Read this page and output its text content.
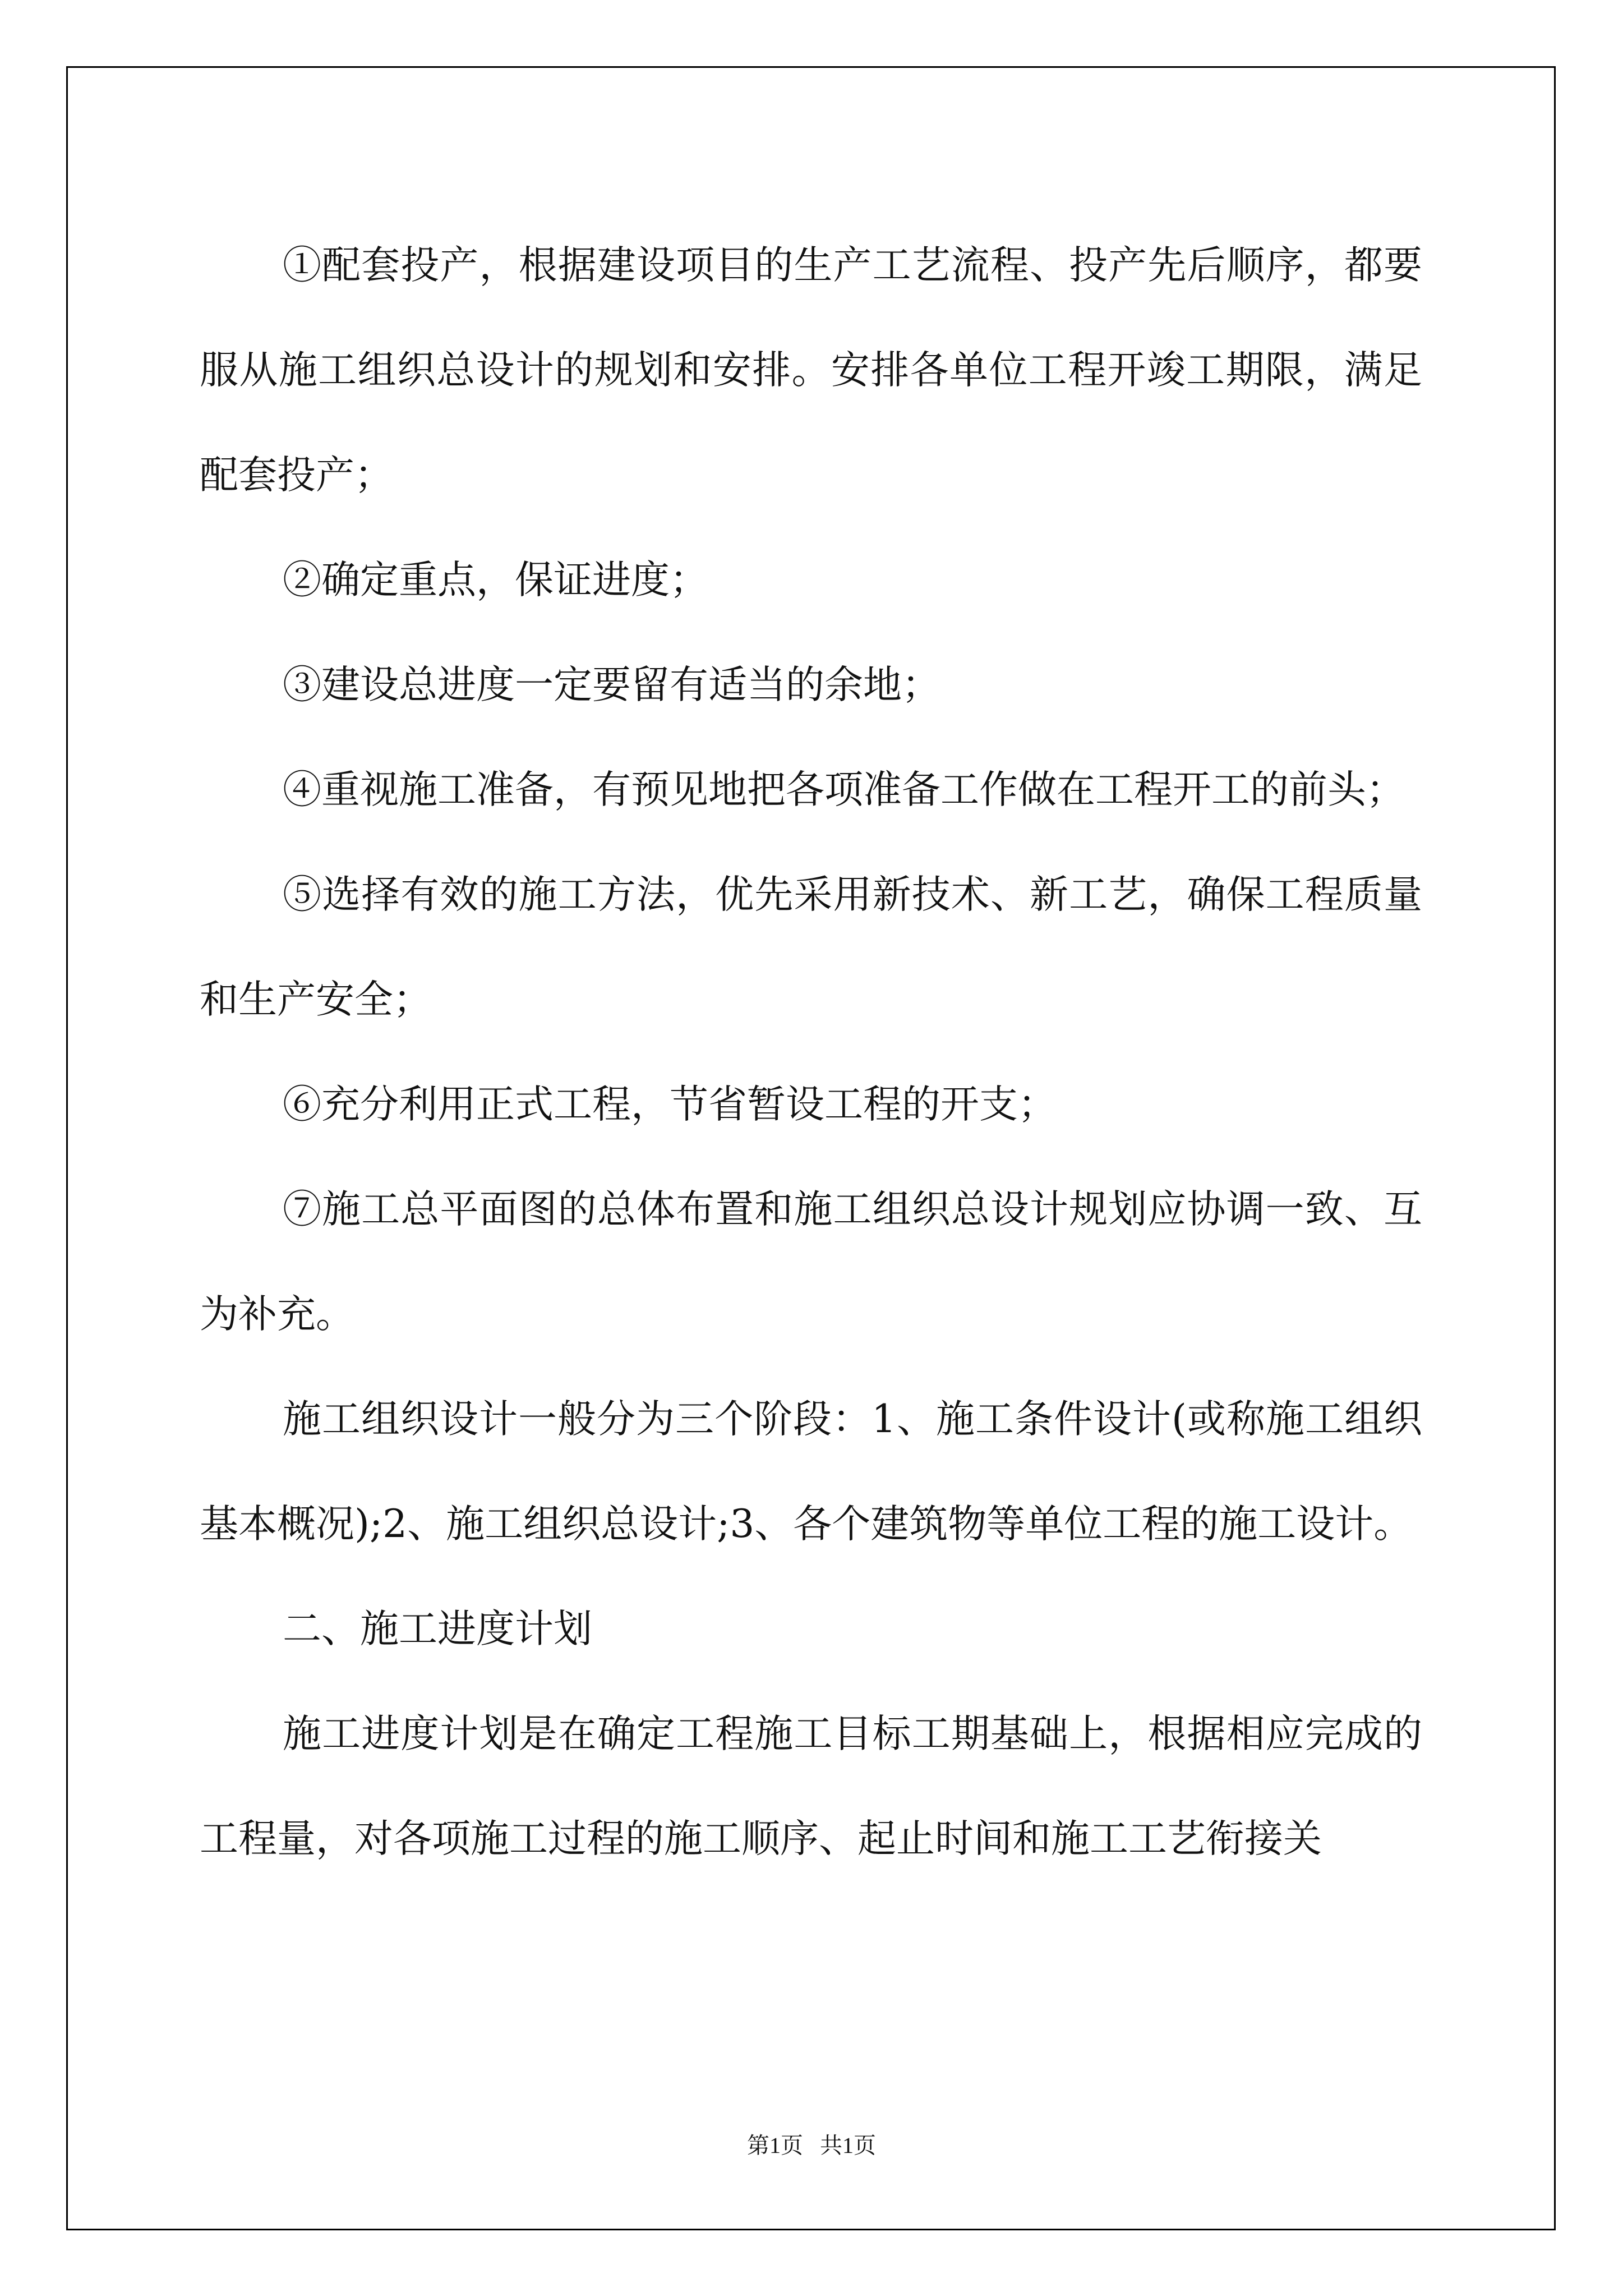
①配套投产，根据建设项目的生产工艺流程、投产先后顺序，都要服从施工组织总设计的规划和安排。安排各单位工程开竣工期限，满足配套投产；

②确定重点，保证进度；

③建设总进度一定要留有适当的余地；

④重视施工准备，有预见地把各项准备工作做在工程开工的前头；

⑤选择有效的施工方法，优先采用新技术、新工艺，确保工程质量和生产安全；

⑥充分利用正式工程，节省暂设工程的开支；

⑦施工总平面图的总体布置和施工组织总设计规划应协调一致、互为补充。

施工组织设计一般分为三个阶段：1、施工条件设计(或称施工组织基本概况);2、施工组织总设计;3、各个建筑物等单位工程的施工设计。

二、施工进度计划

施工进度计划是在确定工程施工目标工期基础上，根据相应完成的工程量，对各项施工过程的施工顺序、起止时间和施工工艺衔接关

第1页 共1页
